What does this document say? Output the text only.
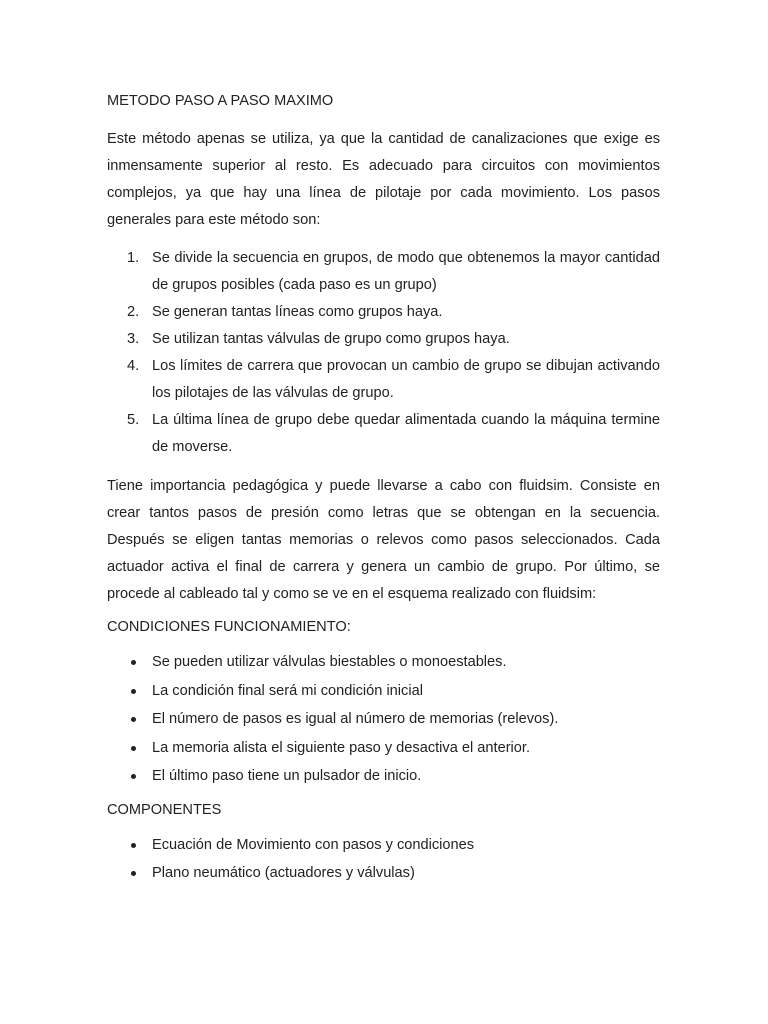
METODO PASO A PASO MAXIMO

Este método apenas se utiliza, ya que la cantidad de canalizaciones que exige es inmensamente superior al resto. Es adecuado para circuitos con movimientos complejos, ya que hay una línea de pilotaje por cada movimiento. Los pasos generales para este método son:

1. Se divide la secuencia en grupos, de modo que obtenemos la mayor cantidad de grupos posibles (cada paso es un grupo)
2. Se generan tantas líneas como grupos haya.
3. Se utilizan tantas válvulas de grupo como grupos haya.
4. Los límites de carrera que provocan un cambio de grupo se dibujan activando los pilotajes de las válvulas de grupo.
5. La última línea de grupo debe quedar alimentada cuando la máquina termine de moverse.

Tiene importancia pedagógica y puede llevarse a cabo con fluidsim. Consiste en crear tantos pasos de presión como letras que se obtengan en la secuencia. Después se eligen tantas memorias o relevos como pasos seleccionados. Cada actuador activa el final de carrera y genera un cambio de grupo. Por último, se procede al cableado tal y como se ve en el esquema realizado con fluidsim:

CONDICIONES FUNCIONAMIENTO:

Se pueden utilizar válvulas biestables o monoestables.
La condición final será mi condición inicial
El número de pasos es igual al número de memorias (relevos).
La memoria alista el siguiente paso y desactiva el anterior.
El último paso tiene un pulsador de inicio.

COMPONENTES

Ecuación de Movimiento con pasos y condiciones
Plano neumático (actuadores y válvulas)
